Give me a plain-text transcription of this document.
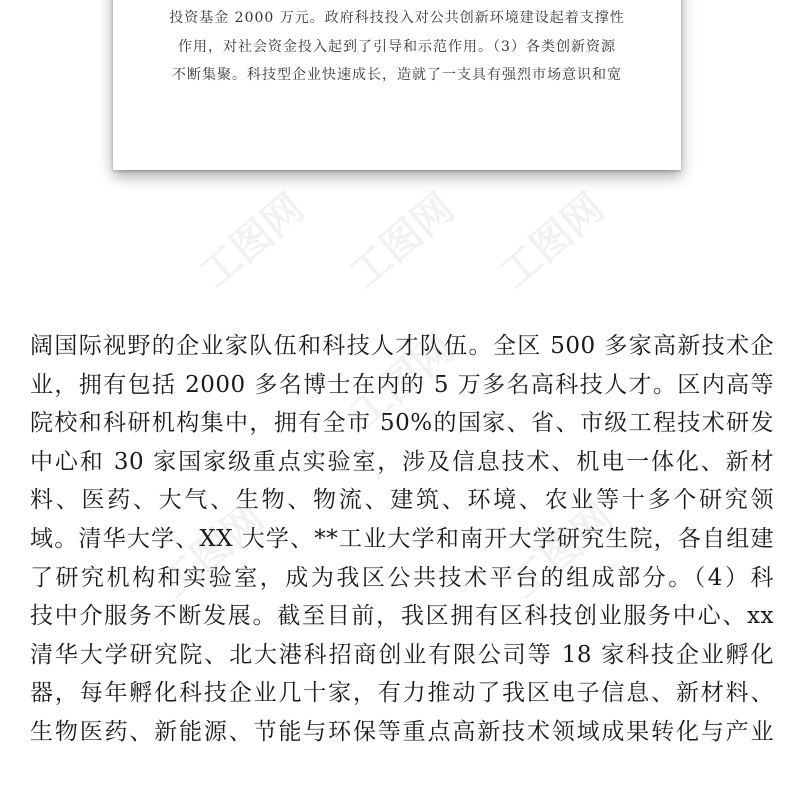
投资基金 2000 万元。政府科技投入对公共创新环境建设起着支撑性
作用，对社会资金投入起到了引导和示范作用。（3）各类创新资源
不断集聚。科技型企业快速成长，造就了一支具有强烈市场意识和宽
工图网 工图网 工图网
工图网
工图网	工图网
阔国际视野的企业家队伍和科技人才队伍。全区 500 多家高新技术企
业，拥有包括 2000 多名博士在内的 5 万多名高科技人才。区内高等
院校和科研机构集中，拥有全市 50%的国家、省、市级工程技术研发
中心和 30 家国家级重点实验室，涉及信息技术、机电一体化、新材
料、医药、大气、生物、物流、建筑、环境、农业等十多个研究领
域。清华大学、XX 大学、**工业大学和南开大学研究生院，各自组建
了研究机构和实验室，成为我区公共技术平台的组成部分。（4）科
技中介服务不断发展。截至目前，我区拥有区科技创业服务中心、xx
清华大学研究院、北大港科招商创业有限公司等 18 家科技企业孵化
器，每年孵化科技企业几十家，有力推动了我区电子信息、新材料、
生物医药、新能源、节能与环保等重点高新技术领域成果转化与产业
